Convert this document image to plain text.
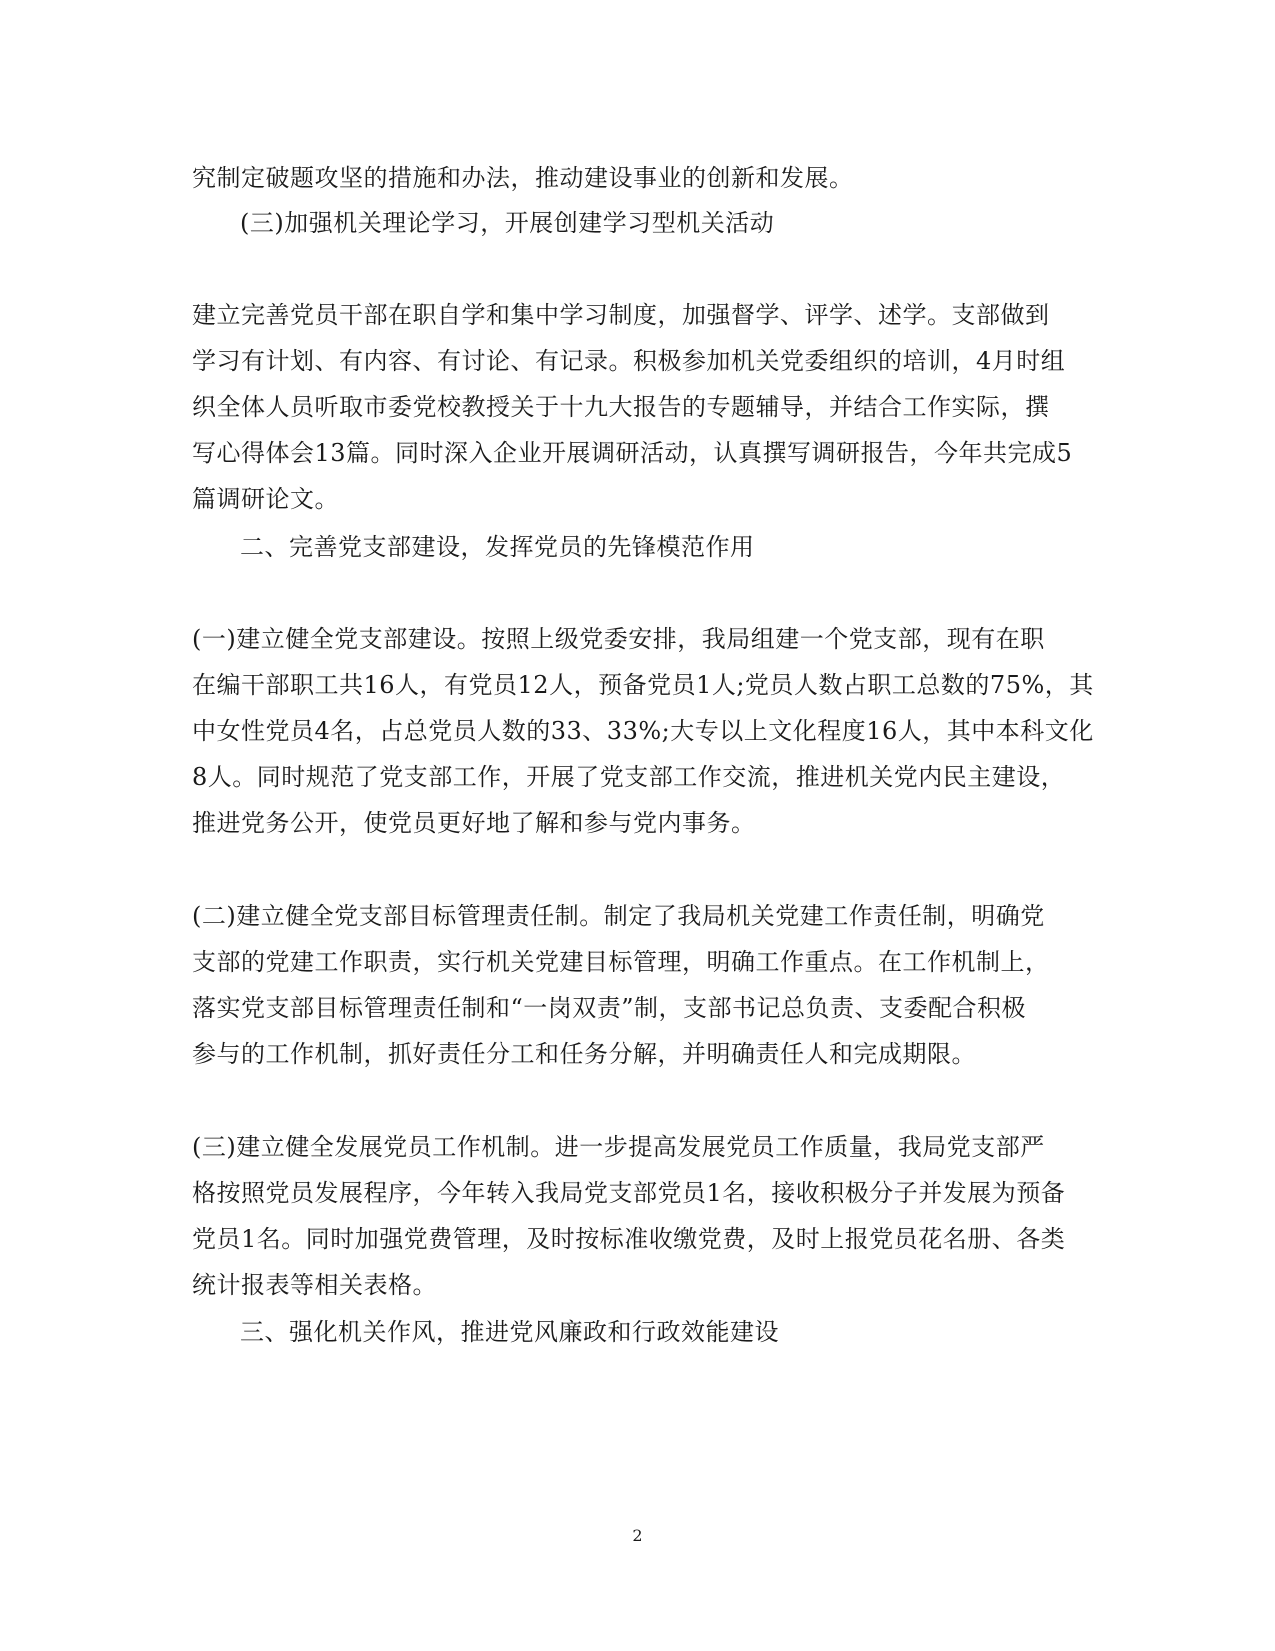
究制定破题攻坚的措施和办法，推动建设事业的创新和发展。
(三)加强机关理论学习，开展创建学习型机关活动
建立完善党员干部在职自学和集中学习制度，加强督学、评学、述学。支部做到
学习有计划、有内容、有讨论、有记录。积极参加机关党委组织的培训，4月时组
织全体人员听取市委党校教授关于十九大报告的专题辅导，并结合工作实际，撰
写心得体会13篇。同时深入企业开展调研活动，认真撰写调研报告，今年共完成5
篇调研论文。
二、完善党支部建设，发挥党员的先锋模范作用
(一)建立健全党支部建设。按照上级党委安排，我局组建一个党支部，现有在职
在编干部职工共16人，有党员12人，预备党员1人;党员人数占职工总数的75%，其
中女性党员4名，占总党员人数的33、33%;大专以上文化程度16人，其中本科文化
8人。同时规范了党支部工作，开展了党支部工作交流，推进机关党内民主建设，
推进党务公开，使党员更好地了解和参与党内事务。
(二)建立健全党支部目标管理责任制。制定了我局机关党建工作责任制，明确党
支部的党建工作职责，实行机关党建目标管理，明确工作重点。在工作机制上，
落实党支部目标管理责任制和“一岗双责”制，支部书记总负责、支委配合积极
参与的工作机制，抓好责任分工和任务分解，并明确责任人和完成期限。
(三)建立健全发展党员工作机制。进一步提高发展党员工作质量，我局党支部严
格按照党员发展程序，今年转入我局党支部党员1名，接收积极分子并发展为预备
党员1名。同时加强党费管理，及时按标准收缴党费，及时上报党员花名册、各类
统计报表等相关表格。
三、强化机关作风，推进党风廉政和行政效能建设
2
